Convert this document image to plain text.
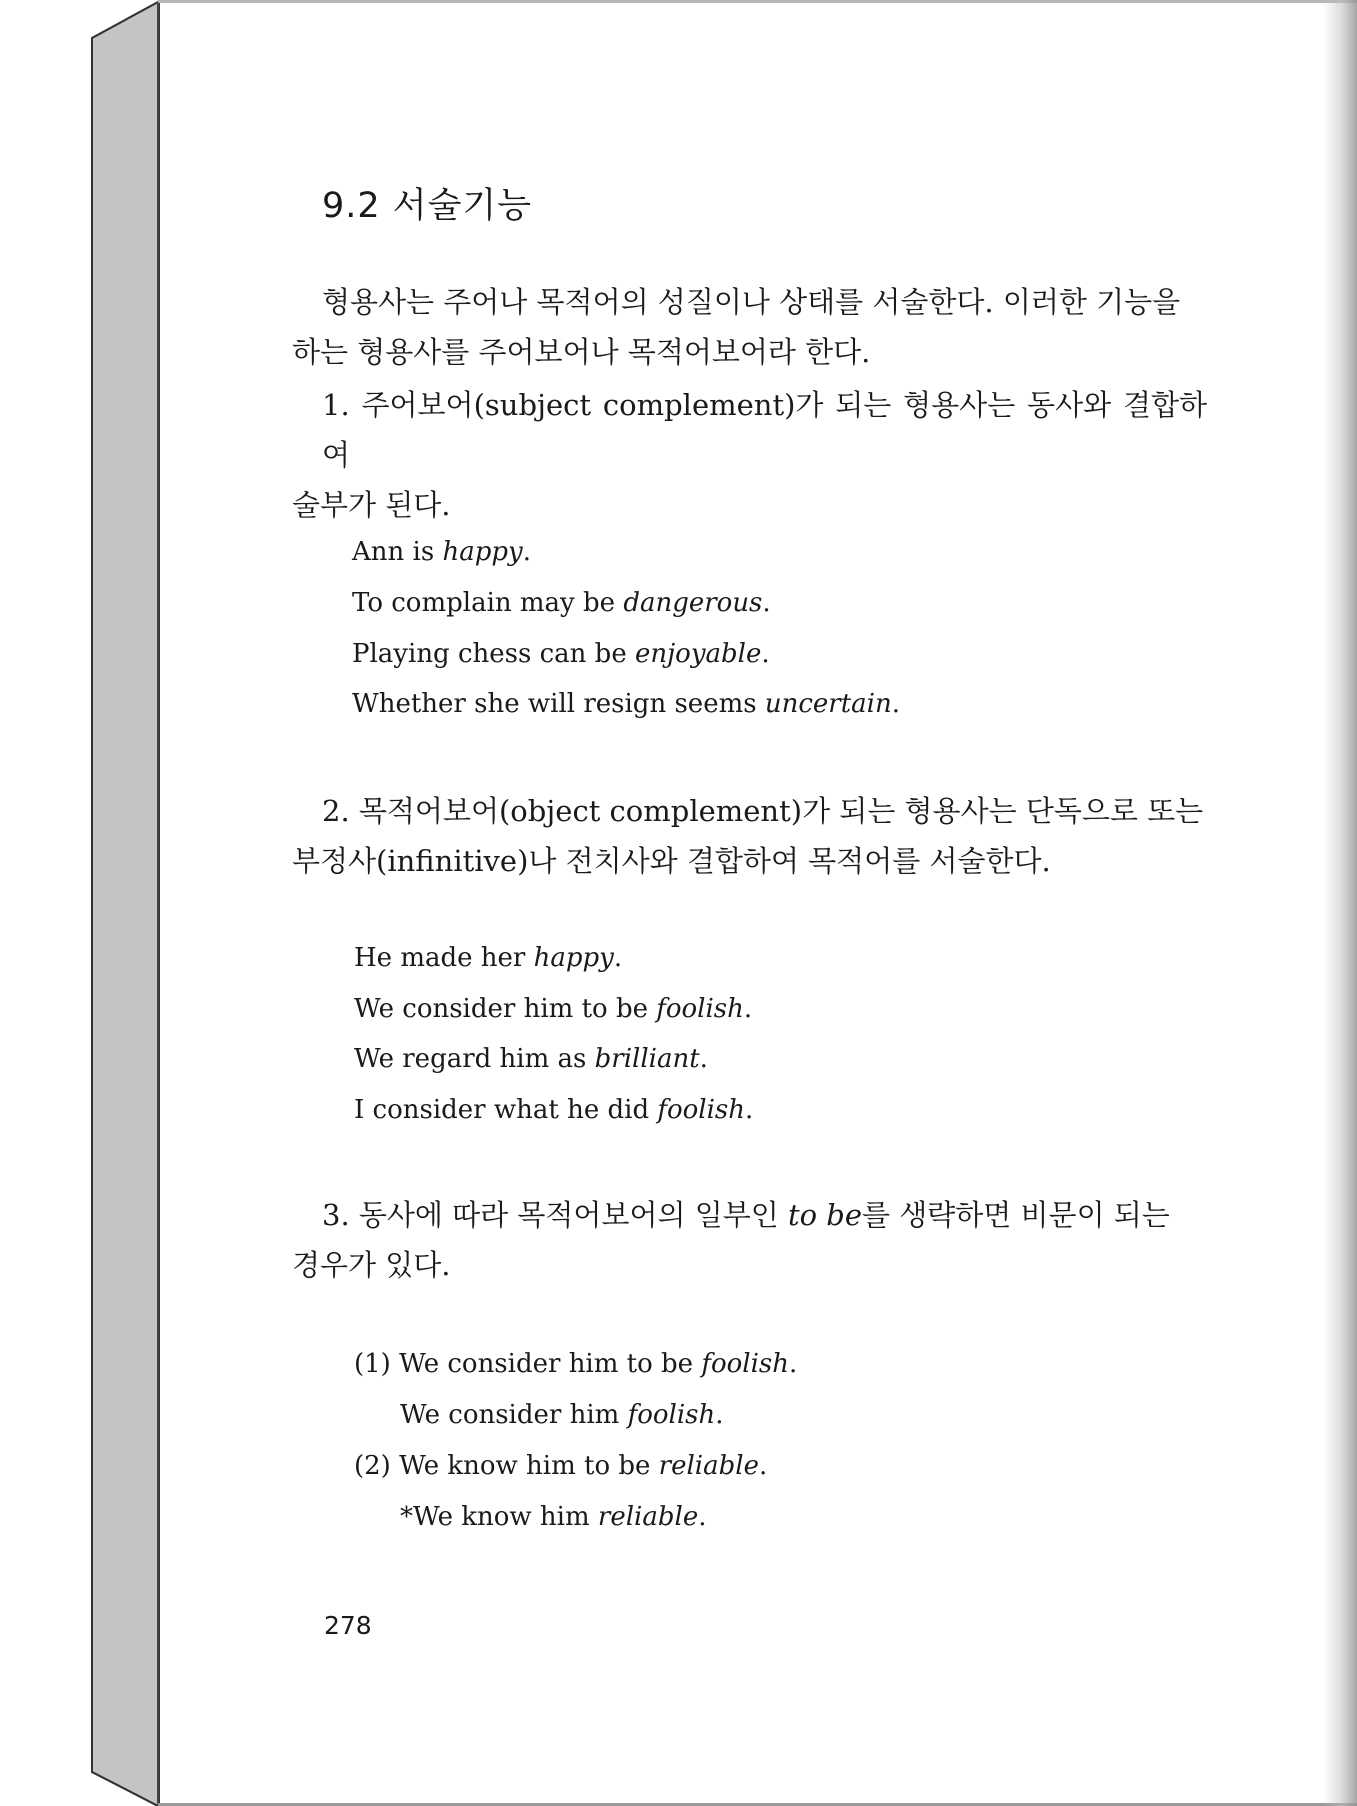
9.2 서술기능
형용사는 주어나 목적어의 성질이나 상태를 서술한다. 이러한 기능을
하는 형용사를 주어보어나 목적어보어라 한다.
1. 주어보어(subject complement)가 되는 형용사는 동사와 결합하여
술부가 된다.
Ann is happy.
To complain may be dangerous.
Playing chess can be enjoyable.
Whether she will resign seems uncertain.
2. 목적어보어(object complement)가 되는 형용사는 단독으로 또는
부정사(infinitive)나 전치사와 결합하여 목적어를 서술한다.
He made her happy.
We consider him to be foolish.
We regard him as brilliant.
I consider what he did foolish.
3. 동사에 따라 목적어보어의 일부인 to be를 생략하면 비문이 되는
경우가 있다.
(1) We consider him to be foolish.
We consider him foolish.
(2) We know him to be reliable.
*We know him reliable.
278
